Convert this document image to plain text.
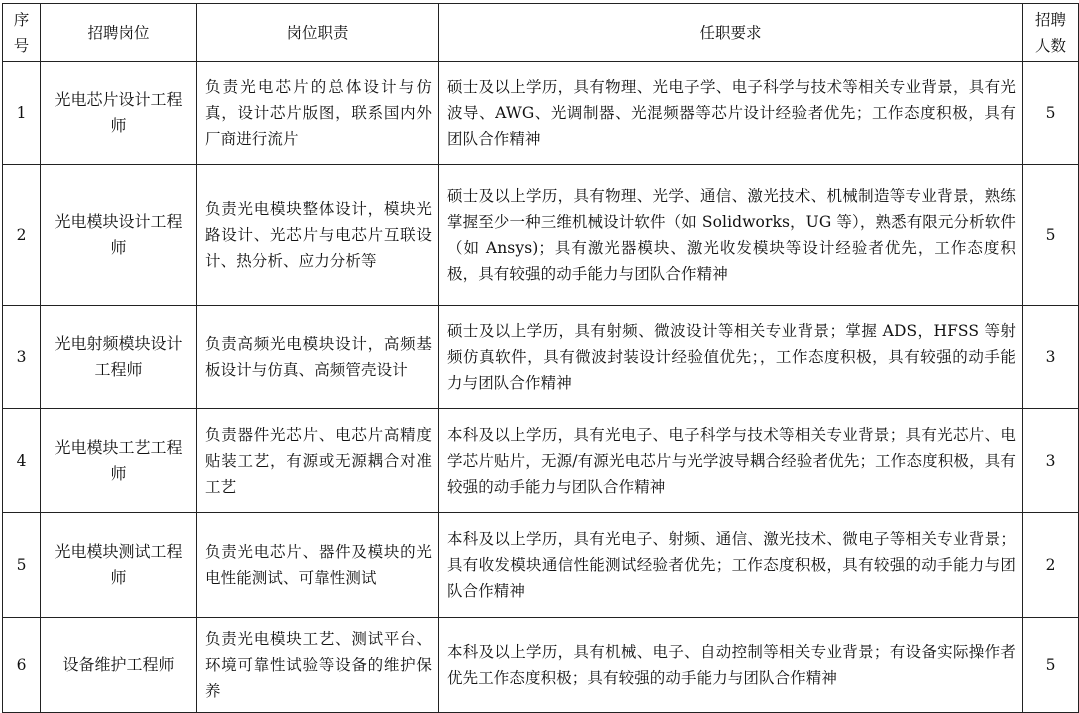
序号	招聘岗位	岗位职责	任职要求	招聘人数
1	光电芯片设计工程师	负责光电芯片的总体设计与仿真，设计芯片版图，联系国内外厂商进行流片	硕士及以上学历，具有物理、光电子学、电子科学与技术等相关专业背景，具有光波导、AWG、光调制器、光混频器等芯片设计经验者优先；工作态度积极，具有团队合作精神	5
2	光电模块设计工程师	负责光电模块整体设计，模块光路设计、光芯片与电芯片互联设计、热分析、应力分析等	硕士及以上学历，具有物理、光学、通信、激光技术、机械制造等专业背景，熟练掌握至少一种三维机械设计软件（如 Solidworks，UG 等），熟悉有限元分析软件（如 Ansys)；具有激光器模块、激光收发模块等设计经验者优先，工作态度积极，具有较强的动手能力与团队合作精神	5
3	光电射频模块设计工程师	负责高频光电模块设计，高频基板设计与仿真、高频管壳设计	硕士及以上学历，具有射频、微波设计等相关专业背景；掌握 ADS，HFSS 等射频仿真软件，具有微波封装设计经验值优先；，工作态度积极，具有较强的动手能力与团队合作精神	3
4	光电模块工艺工程师	负责器件光芯片、电芯片高精度贴装工艺，有源或无源耦合对准工艺	本科及以上学历，具有光电子、电子科学与技术等相关专业背景；具有光芯片、电学芯片贴片，无源/有源光电芯片与光学波导耦合经验者优先；工作态度积极，具有较强的动手能力与团队合作精神	3
5	光电模块测试工程师	负责光电芯片、器件及模块的光电性能测试、可靠性测试	本科及以上学历，具有光电子、射频、通信、激光技术、微电子等相关专业背景；具有收发模块通信性能测试经验者优先；工作态度积极，具有较强的动手能力与团队合作精神	2
6	设备维护工程师	负责光电模块工艺、测试平台、环境可靠性试验等设备的维护保养	本科及以上学历，具有机械、电子、自动控制等相关专业背景；有设备实际操作者优先工作态度积极；具有较强的动手能力与团队合作精神	5
